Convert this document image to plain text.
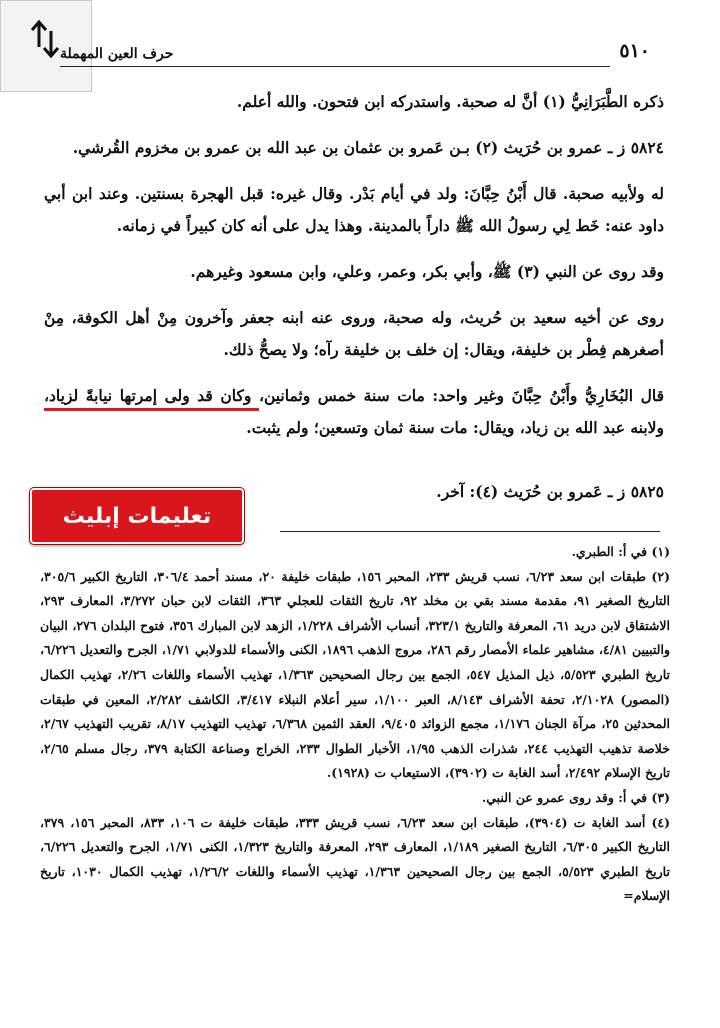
حرف العين المهملة	٥١٠

ذكره الطَّبَرَانِيُّ (١) أنَّ له صحبة. واستدركه ابن فتحون. والله أعلم.

٥٨٢٤ ز ـ عمرو بن حُرَيث (٢) بـن عَمرو بن عثمان بن عبد الله بن عمرو بن مخزوم القُرشي.

له ولأبيه صحبة. قال أَبْنُ حِبَّانَ: ولد في أيام بَدْر. وقال غيره: قبل الهجرة بسنتين. وعند ابن أبي داود عنه: خَط لِي رسولُ الله ﷺ داراً بالمدينة. وهذا يدل على أنه كان كبيراً في زمانه.

وقد روى عن النبي (٣) ﷺ، وأبي بكر، وعمر، وعلي، وابن مسعود وغيرهم.

روى عن أخيه سعيد بن حُريث، وله صحبة، وروى عنه ابنه جعفر وآخرون مِنْ أهل الكوفة، مِنْ أصغرهم فِطْر بن خليفة، ويقال: إن خلف بن خليفة رآه؛ ولا يصحُّ ذلك.

قال البُخَارِيُّ وأَبْنُ حِبَّانَ وغير واحد: مات سنة خمس وثمانين، وكان قد ولى إمرتها نيابةً لزياد، ولابنه عبد الله بن زياد، ويقال: مات سنة ثمان وتسعين؛ ولم يثبت.

٥٨٢٥ ز ـ عَمرو بن حُرَيث (٤): آخر.
تعليمات إبليث

(١) في أ: الطبري.

(٢) طبقات ابن سعد ٦/٢٣، نسب قريش ٢٣٣، المحبر ١٥٦، طبقات خليفة ٢٠، مسند أحمد ٣٠٦/٤، التاريخ الكبير ٣٠٥/٦، التاريخ الصغير ٩١، مقدمة مسند بقي بن مخلد ٩٢، تاريخ الثقات للعجلي ٣٦٣، الثقات لابن حبان ٣/٢٧٢، المعارف ٢٩٣، الاشتقاق لابن دريد ٦١، المعرفة والتاريخ ٣٢٣/١، أنساب الأشراف ١/٢٢٨، الزهد لابن المبارك ٣٥٦، فتوح البلدان ٢٧٦، البيان والتبيين ٤/٨١، مشاهير علماء الأمصار رقم ٢٨٦، مروج الذهب ١٨٩٦، الكنى والأسماء للدولابي ١/٧١، الجرح والتعديل ٦/٢٢٦، تاريخ الطبري ٥/٥٢٣، ذيل المذيل ٥٤٧، الجمع بين رجال الصحيحين ١/٣٦٣، تهذيب الأسماء واللغات ٢/٢٦، تهذيب الكمال (المصور) ٢/١٠٢٨، تحفة الأشراف ٨/١٤٣، العبر ١/١٠٠، سير أعلام النبلاء ٣/٤١٧، الكاشف ٢/٢٨٢، المعين في طبقات المحدثين ٢٥، مرآة الجنان ١/١٧٦، مجمع الزوائد ٩/٤٠٥، العقد الثمين ٦/٣٦٨، تهذيب التهذيب ٨/١٧، تقريب التهذيب ٢/٦٧، خلاصة تذهيب التهذيب ٢٤٤، شذرات الذهب ١/٩٥، الأخبار الطوال ٢٣٣، الخراج وصناعة الكتابة ٣٧٩، رجال مسلم ٢/٦٥، تاريخ الإسلام ٢/٤٩٢، أسد الغابة ت (٣٩٠٢)، الاستيعاب ت (١٩٢٨).

(٣) في أ: وقد روى عمرو عن النبي.

(٤) أسد الغابة ت (٣٩٠٤)، طبقات ابن سعد ٦/٢٣، نسب قريش ٣٣٣، طبقات خليفة ت ١٠٦، ٨٣٣، المحبر ١٥٦، ٣٧٩، التاريخ الكبير ٦/٣٠٥، التاريخ الصغير ١/١٨٩، المعارف ٢٩٣، المعرفة والتاريخ ١/٣٢٣، الكنى ١/٧١، الجرح والتعديل ٦/٢٢٦، تاريخ الطبري ٥/٥٢٣، الجمع بين رجال الصحيحين ١/٣٦٣، تهذيب الأسماء واللغات ١/٢٦/٢، تهذيب الكمال ١٠٣٠، تاريخ الإسلام=
